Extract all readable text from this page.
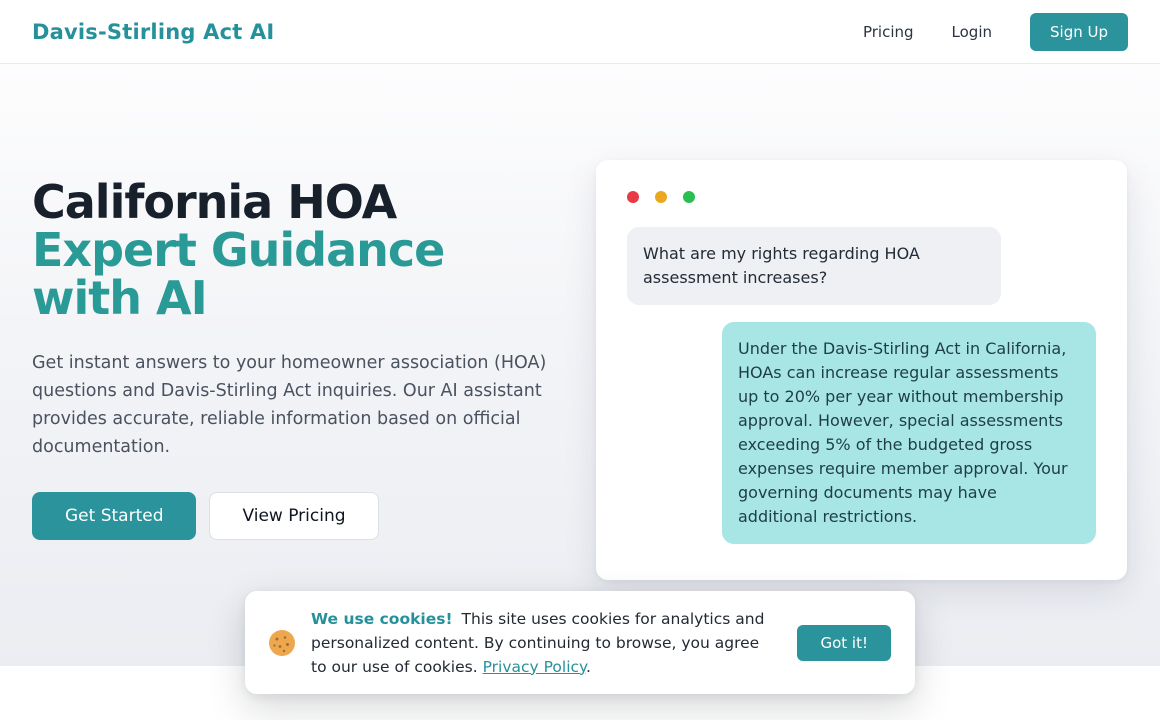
Davis-Stirling Act AI	Pricing	Login	Sign Up
California HOA
Expert Guidance with AI

Get instant answers to your homeowner association (HOA) questions and Davis-Stirling Act inquiries. Our AI assistant provides accurate, reliable information based on official documentation.

Get Started	View Pricing
What are my rights regarding HOA assessment increases?
Under the Davis-Stirling Act in California, HOAs can increase regular assessments up to 20% per year without membership approval. However, special assessments exceeding 5% of the budgeted gross expenses require member approval. Your governing documents may have additional restrictions.
We use cookies! This site uses cookies for analytics and personalized content. By continuing to browse, you agree to our use of cookies. Privacy Policy.
Got it!
